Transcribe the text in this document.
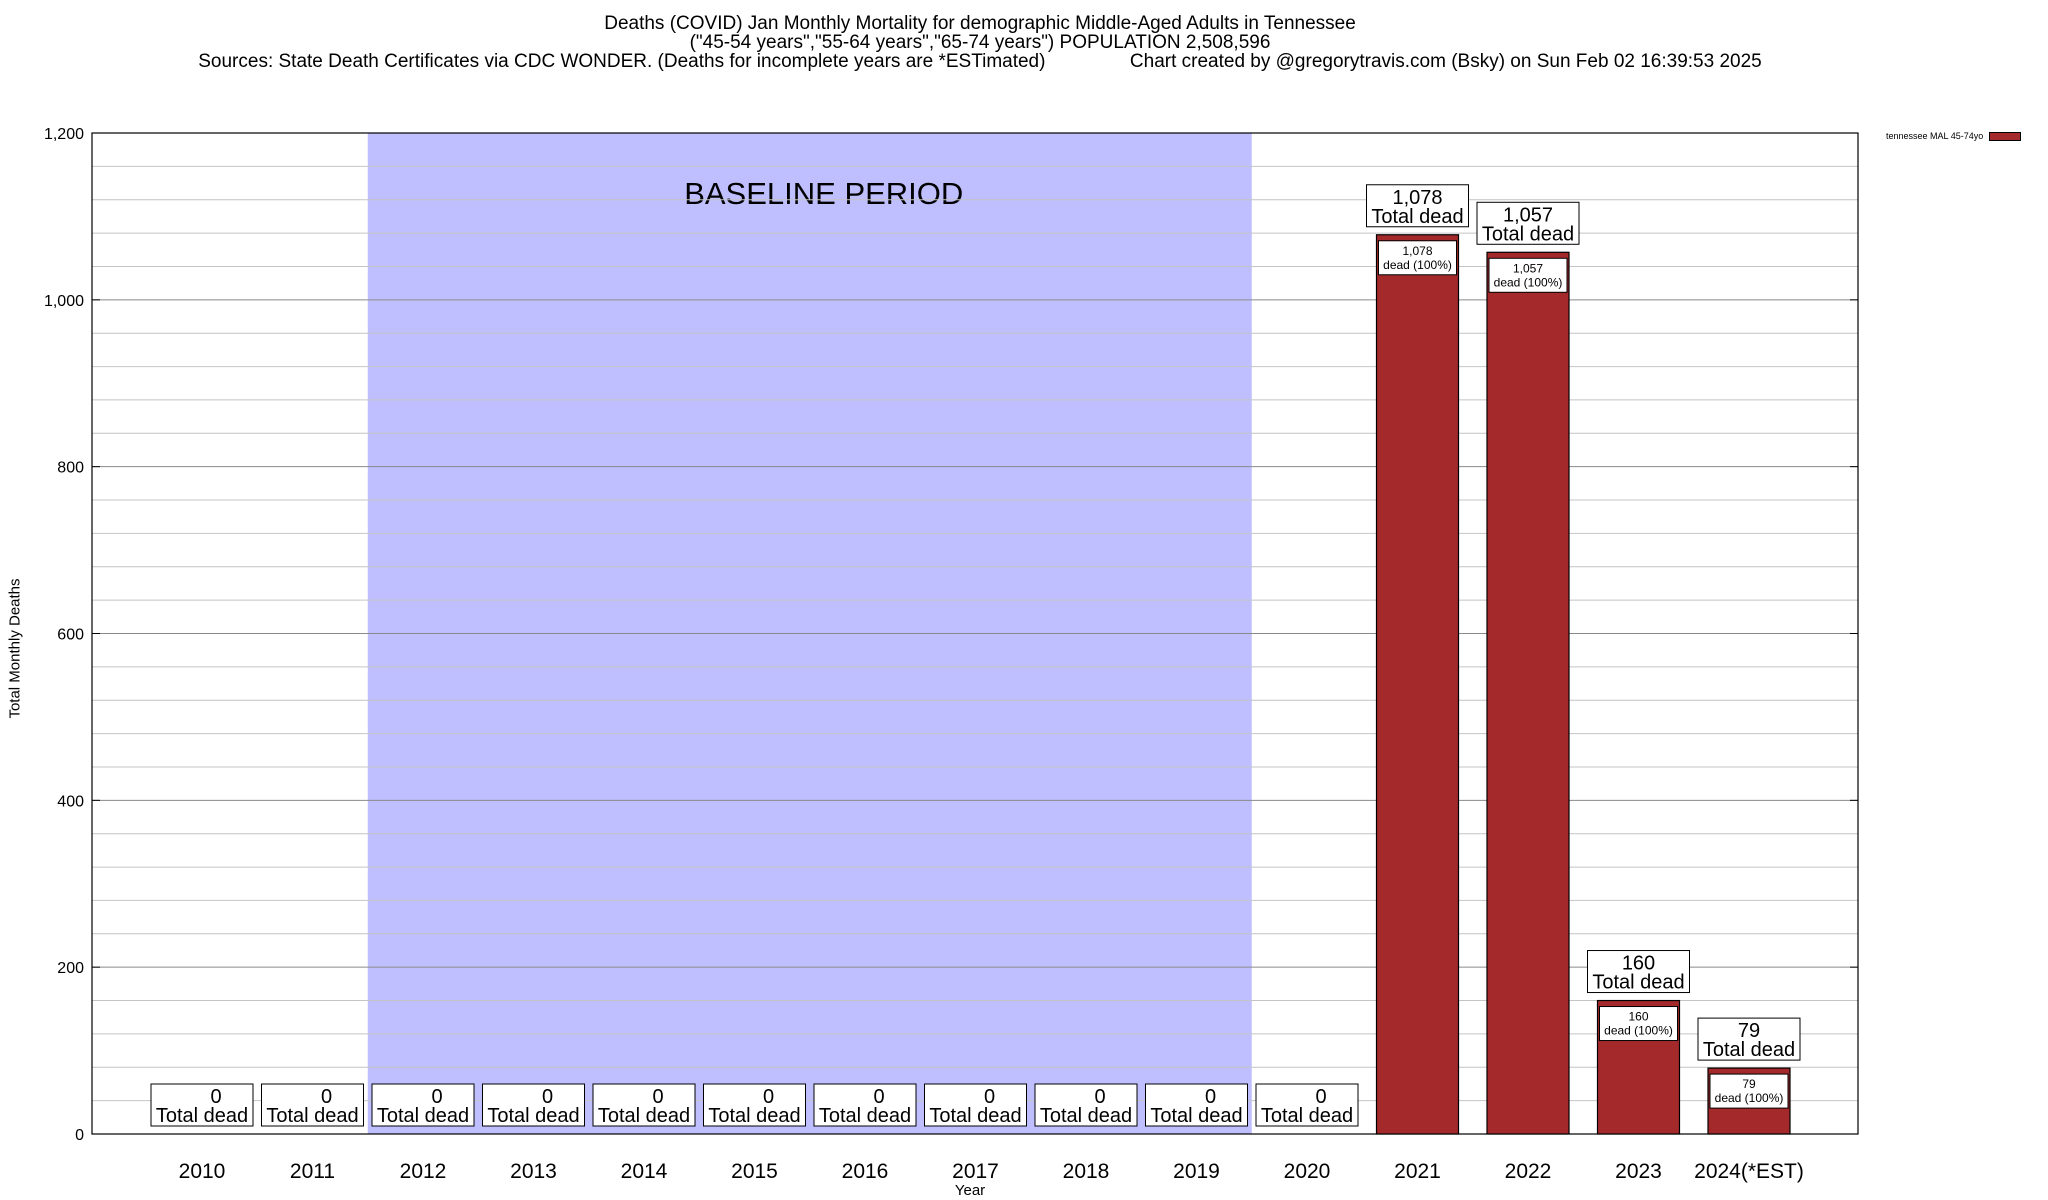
Deaths (COVID) Jan Monthly Mortality for demographic Middle-Aged Adults in Tennessee
("45-54 years","55-64 years","65-74 years") POPULATION 2,508,596
Sources: State Death Certificates via CDC WONDER. (Deaths for incomplete years are *ESTimated)                Chart created by @gregorytravis.com (Bsky) on Sun Feb 02 16:39:53 2025
BASELINE PERIOD
0
200
400
600
800
1,000
1,200
2010
0
Total dead
2011
0
Total dead
2012
0
Total dead
2013
0
Total dead
2014
0
Total dead
2015
0
Total dead
2016
0
Total dead
2017
0
Total dead
2018
0
Total dead
2019
0
Total dead
2020
0
Total dead
2021
1,078
dead (100%)
1,078
Total dead
2022
1,057
dead (100%)
1,057
Total dead
2023
160
dead (100%)
160
Total dead
2024(*EST)
79
dead (100%)
79
Total dead
Total Monthly Deaths
Year
tennessee MAL 45-74yo
